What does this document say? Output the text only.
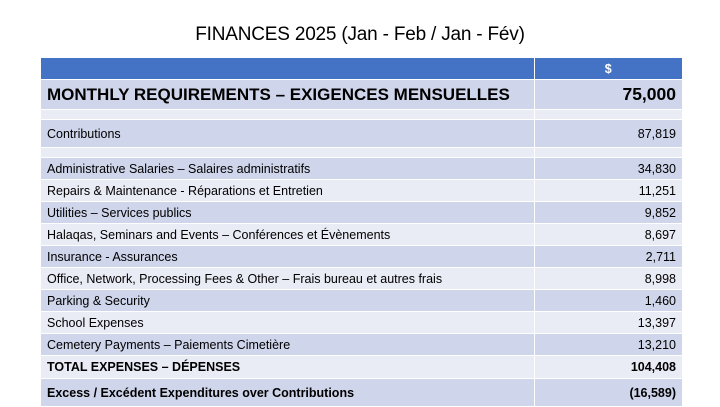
FINANCES 2025 (Jan - Feb / Jan - Fév)
	$
MONTHLY REQUIREMENTS – EXIGENCES MENSUELLES	75,000

Contributions	87,819

Administrative Salaries – Salaires administratifs	34,830
Repairs & Maintenance - Réparations et Entretien	11,251
Utilities – Services publics	9,852
Halaqas, Seminars and Events – Conférences et Évènements	8,697
Insurance - Assurances	2,711
Office, Network, Processing Fees & Other – Frais bureau et autres frais	8,998
Parking & Security	1,460
School Expenses	13,397
Cemetery Payments – Paiements Cimetière	13,210
TOTAL EXPENSES – DÉPENSES	104,408
Excess / Excédent Expenditures over Contributions	(16,589)
